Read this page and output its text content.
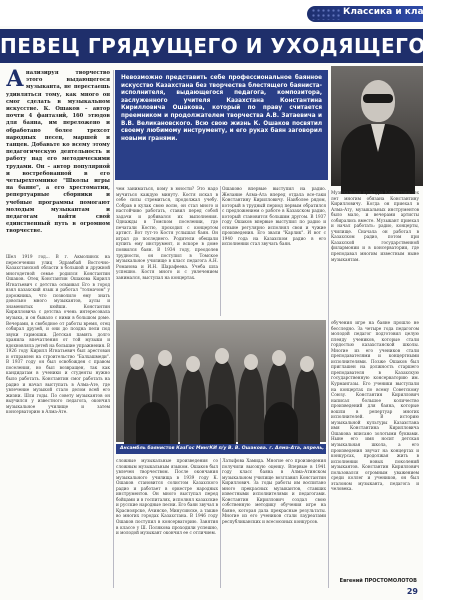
Классика и классики
ПЕВЕЦ ГРЯДУЩЕГО И УХОДЯЩЕГО
Анализируя творчество этого выдающегося музыканта, не перестаешь удивляться тому, как много он смог сделать в музыкальном искусстве. К. Ошаков – автор почти 4 фантазий, 160 этюдов для баяна, им переложено и обработано более трехсот народных песен, маршей и танцев. Добавьте ко всему этому педагогическую деятельность и работу над его методическими трудами. Он – автор популярной и востребованной в его четырехтомнике "Школы игры на баяне", а его хрестоматии, репертуарные сборники и учебные программы помогают молодым музыкантам и педагогам найти свой единственный путь в огромном творчестве.
Шел 1919 год... В г. Акмолинск на пересечении улиц Эдрамбай Восточно-Казахстанской области в большой и дружной многодетной семье родился Константин Ошаков. Отец Константин Ошакова Кирилл Игнатьевич с детства осваивал Его в город взял казахский язык и работал "толмачом" у дорожника, что позволило ему знать довольно много музыкантов, аулы и знаменитых кюйши. Константин Кирилловича с детства очень интересовала музыка, и он бывало с ними в большом доме. Вечерами, в свободное от работы время, отец собирал друзей, и они до поздна пели под звуки гармошки. Детская память долго хранила впечатления от той музыки и вдохновляла детей на большие упражнения. В 1926 году Кирилл Игнатьевич был арестован и отправлен на строительство "Балхашмеди". В 1937 году он был освобожден с правом поселения, но был возвращен, так как кандидатам в ученики и студенты нужно было работать. Константин смог работать на радио и начал выступать в Алма-Ате, где увлечение музыкой стало делом всей его жизни. Шли годы. По совету музыкантов он выучился у известного педагога, окончил музыкальное училище и затем консерваторию в Алма-Ате.
Невозможно представить себе профессиональное баянное искусство Казахстана без творчества блестящего баяниста-исполнителя, выдающегося педагога, композитора, заслуженного учителя Казахстана Константина Кирилловича Ошакова, который по праву считается преемником и продолжателем творчества А.В. Затаевича и В.В. Великановского. Всю свою жизнь К. Ошаков посвятил своему любимому инструменту, и его руках баян заговорил новыми гранями.
чем заниматься, кому в юности? Это надо мучиться каждую минуту. Костя искал в себе силы стремиться, продолжал учебу. Собрав в кулак свою волю, он стал много и настойчиво работать, ставил перед собой задачи и добивался их выполнения. Однажды в Томском поселении, где печатали Костю, проходил с концертом артист. Вот тут-то Костя услышал баян. Он играл до последнего. Родители обещали купить ему инструмент, и вскоре в доме появился баян. В 1934 году, преодолев трудности, он поступил в Томское музыкальное училище в класс педагога А.Н. Романова и И.Н. Шарафеева. Учеба шла успешно. Костя много и с увлечением занимался, выступал на концертах.
Ошаково впервые выступил на радио. Желание Алма-Ата вперед отдала все-таки Константину Кирилловичу. Наиболее рядом, который в трудный период первым обратился с предложением о работе в Казахском радио, который становится большим другом. В 1937 году Ошаков впервые выступил по радио и отныне регулярно исполнял свои и чужие произведения. Его звали "Карлик". И вот с 1940 года на Казахском радио в его исполнении стал звучать баян.
Музыкальная культура Казахстана тех лет многим обязана Константину Кирилловичу. Когда он приехал в Алма-Ату, музыкальных инструментов было мало, и вечерами артисты собирались вместе. Музыкант приехал и начал работать: радио, концерты, училище. Сначала он работал в Казахском радио, потом при Казахской государственной филармонии и в консерватории, где преподавал многим известным ныне музыкантам.
Ансамбль баянистов КазГос МингКИ п/у В. В. Ошакова. г. Алма-Ата, апрель, 1966г.
сложные музыкальные произведения со сложным музыкальным языком. Ошаков был увлечен творчеством. После окончания музыкального училища в 1939 году К. Ошаков становится солистом Казахского радио и работает в оркестре народных инструментов. Он много выступал перед бойцами и в госпиталях, исполнял казахские и русские народные песни. Его баян звучал в Красноярске, Ачинске, Минусинске, а также во многих городах Казахстана. В 1946 году Ошаков поступил в консерваторию. Занятия в классе у Ш. Полякова проходили успешно, и молодой музыкант окончил ее с отличием.
Латыфова Хамида. Многие его произведения получили высокую оценку. Впервые в 1941 году класс баяна в Алма-Атинском музыкальном училище возглавил Константин Кириллович. За годы работы им воспитано много прекрасных музыкантов, ставших известными исполнителями и педагогами. Константин Кириллович создал свою собственную методику обучения игре на баяне, которая дала прекрасные результаты. Многие из его учеников стали лауреатами республиканских и всесоюзных конкурсов.
обучения игре на баяне прошло не бесследно. За четыре года педагогом молодой педагог подготовил целую плеяду учеников, которые стали гордостью казахстанской школы. Многие из его учеников стали преподавателями и концертными исполнителями. Позже Ошаков был приглашен на должность старшего преподавателя в Казахскую государственную консерваторию им. Курмангазы. Его ученики выступали на концертах по всему Советскому Союзу. Константин Кириллович написал большое количество произведений для баяна, которые вошли в репертуар многих исполнителей. В историю музыкальной культуры Казахстана имя Константина Кирилловича Ошакова вписано золотыми буквами. Ныне его имя носит детская музыкальная школа, а его произведения звучат на концертах и конкурсах, продолжая жить в исполнении новых поколений музыкантов. Константин Кириллович пользовался огромным уважением среди коллег и учеников, он был эталоном музыканта, педагога и человека.
Евгений ПРОСТОМОЛОТОВ
29
